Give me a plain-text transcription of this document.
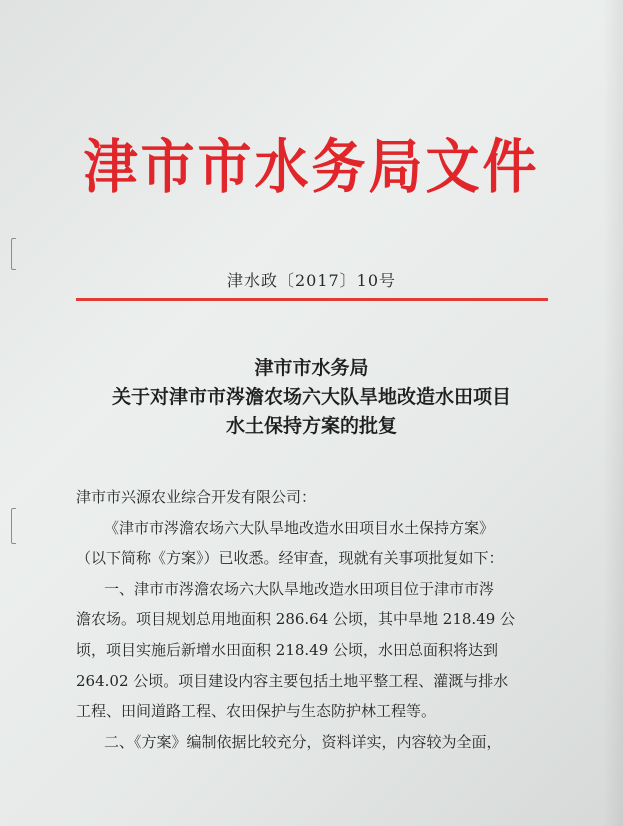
津市市水务局文件
津水政〔2017〕10号
津市市水务局
关于对津市市涔澹农场六大队旱地改造水田项目
水土保持方案的批复
津市市兴源农业综合开发有限公司：
《津市市涔澹农场六大队旱地改造水田项目水土保持方案》
（以下简称《方案》）已收悉。经审查，现就有关事项批复如下：
一、津市市涔澹农场六大队旱地改造水田项目位于津市市涔
澹农场。项目规划总用地面积 286.64 公顷，其中旱地 218.49 公
顷，项目实施后新增水田面积 218.49 公顷，水田总面积将达到
264.02 公顷。项目建设内容主要包括土地平整工程、灌溉与排水
工程、田间道路工程、农田保护与生态防护林工程等。
二、《方案》编制依据比较充分，资料详实，内容较为全面，
